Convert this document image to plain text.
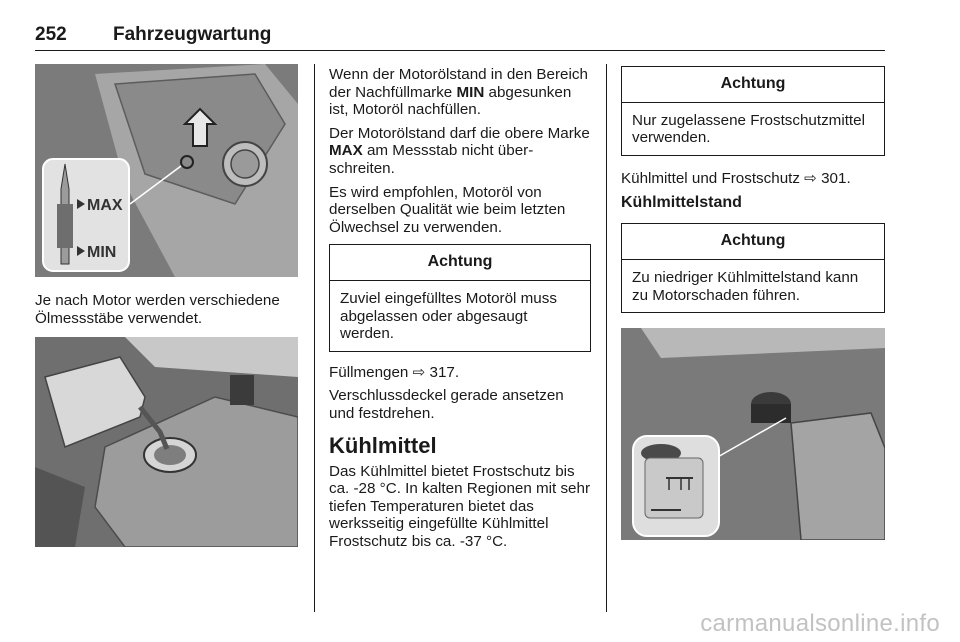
252 Fahrzeugwartung
MAX
MIN

Je nach Motor werden verschiedene Ölmessstäbe verwendet.

Wenn der Motorölstand in den Bereich der Nachfüllmarke MIN abgesunken ist, Motoröl nachfüllen.

Der Motorölstand darf die obere Marke MAX am Messstab nicht überschreiten.

Es wird empfohlen, Motoröl von derselben Qualität wie beim letzten Ölwechsel zu verwenden.

Achtung
Zuviel eingefülltes Motoröl muss abgelassen oder abgesaugt werden.

Füllmengen ⇨ 317.

Verschlussdeckel gerade ansetzen und festdrehen.

Kühlmittel

Das Kühlmittel bietet Frostschutz bis ca. -28 °C. In kalten Regionen mit sehr tiefen Temperaturen bietet das werksseitig eingefüllte Kühlmittel Frostschutz bis ca. -37 °C.

Achtung
Nur zugelassene Frostschutzmittel verwenden.

Kühlmittel und Frostschutz ⇨ 301.

Kühlmittelstand
Achtung
Zu niedriger Kühlmittelstand kann zu Motorschaden führen.
carmanualsonline.info
